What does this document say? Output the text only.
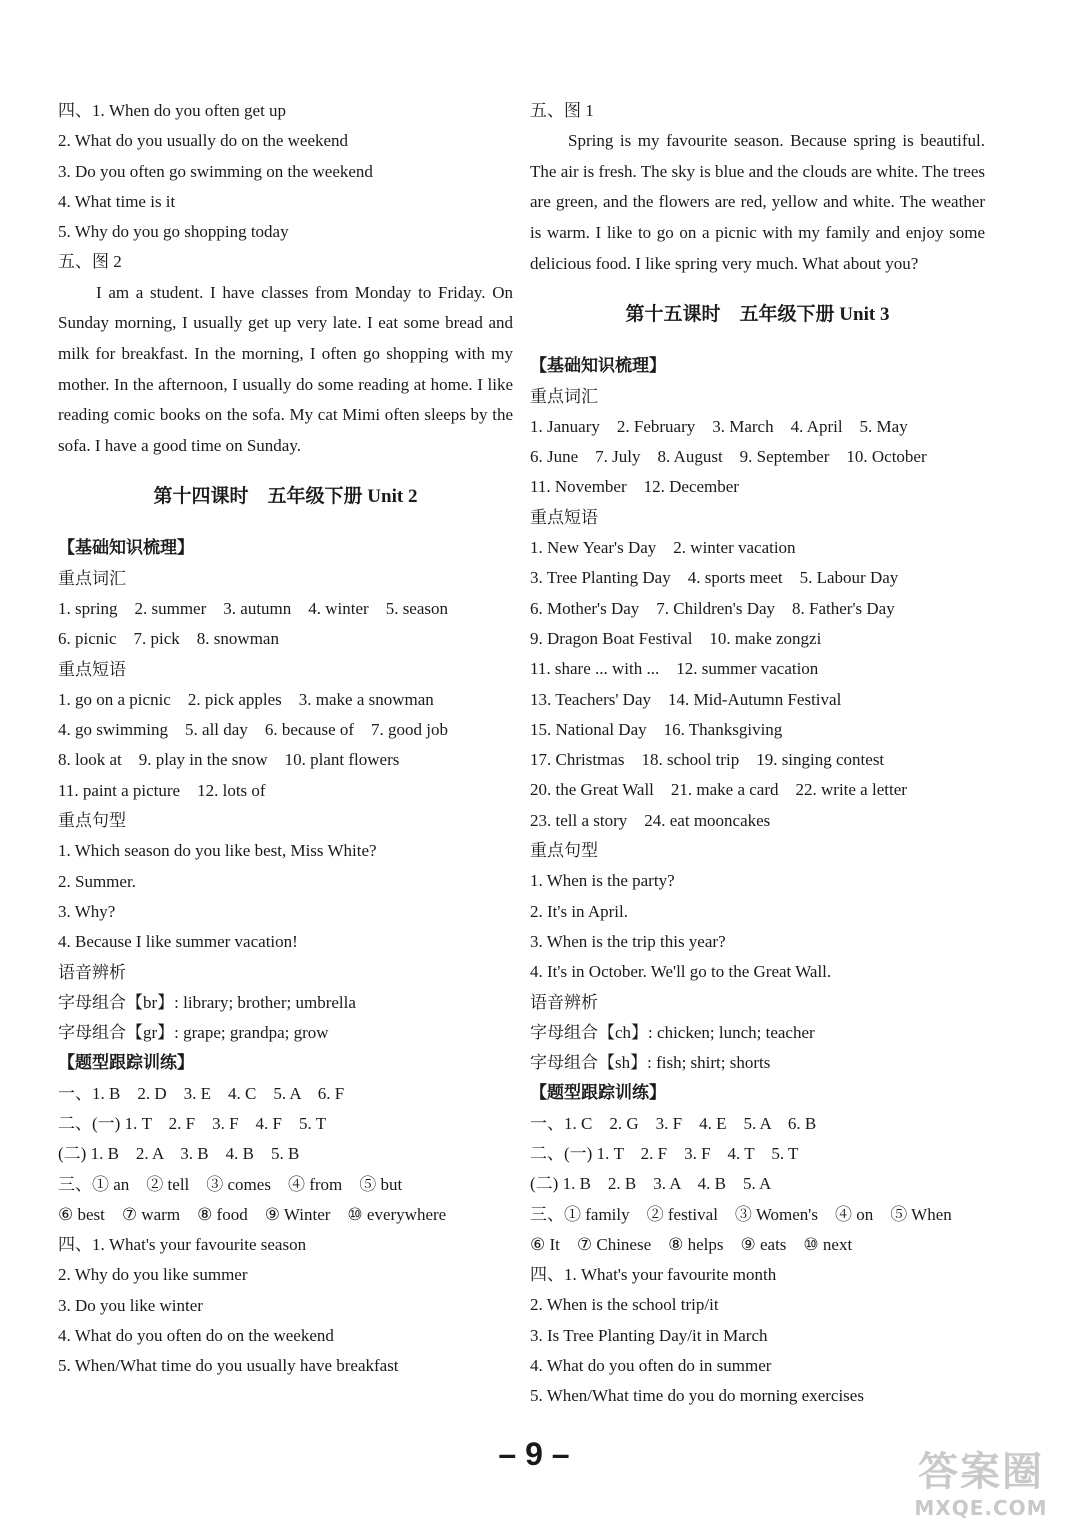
四、1. When do you often get up
2. What do you usually do on the weekend
3. Do you often go swimming on the weekend
4. What time is it
5. Why do you go shopping today
五、图 2
I am a student. I have classes from Monday to Friday. On Sunday morning, I usually get up very late. I eat some bread and milk for breakfast. In the morning, I often go shopping with my mother. In the afternoon, I usually do some reading at home. I like reading comic books on the sofa. My cat Mimi often sleeps by the sofa. I have a good time on Sunday.
第十四课时　五年级下册 Unit 2
【基础知识梳理】
重点词汇
1. spring　2. summer　3. autumn　4. winter　5. season
6. picnic　7. pick　8. snowman
重点短语
1. go on a picnic　2. pick apples　3. make a snowman
4. go swimming　5. all day　6. because of　7. good job
8. look at　9. play in the snow　10. plant flowers
11. paint a picture　12. lots of
重点句型
1. Which season do you like best, Miss White?
2. Summer.
3. Why?
4. Because I like summer vacation!
语音辨析
字母组合【br】: library; brother; umbrella
字母组合【gr】: grape; grandpa; grow
【题型跟踪训练】
一、1. B　2. D　3. E　4. C　5. A　6. F
二、(一) 1. T　2. F　3. F　4. F　5. T
(二) 1. B　2. A　3. B　4. B　5. B
三、① an　② tell　③ comes　④ from　⑤ but
⑥ best　⑦ warm　⑧ food　⑨ Winter　⑩ everywhere
四、1. What's your favourite season
2. Why do you like summer
3. Do you like winter
4. What do you often do on the weekend
5. When/What time do you usually have breakfast
五、图 1
Spring is my favourite season. Because spring is beautiful. The air is fresh. The sky is blue and the clouds are white. The trees are green, and the flowers are red, yellow and white. The weather is warm. I like to go on a picnic with my family and enjoy some delicious food. I like spring very much. What about you?
第十五课时　五年级下册 Unit 3
【基础知识梳理】
重点词汇
1. January　2. February　3. March　4. April　5. May
6. June　7. July　8. August　9. September　10. October
11. November　12. December
重点短语
1. New Year's Day　2. winter vacation
3. Tree Planting Day　4. sports meet　5. Labour Day
6. Mother's Day　7. Children's Day　8. Father's Day
9. Dragon Boat Festival　10. make zongzi
11. share ... with ...　12. summer vacation
13. Teachers' Day　14. Mid-Autumn Festival
15. National Day　16. Thanksgiving
17. Christmas　18. school trip　19. singing contest
20. the Great Wall　21. make a card　22. write a letter
23. tell a story　24. eat mooncakes
重点句型
1. When is the party?
2. It's in April.
3. When is the trip this year?
4. It's in October. We'll go to the Great Wall.
语音辨析
字母组合【ch】: chicken; lunch; teacher
字母组合【sh】: fish; shirt; shorts
【题型跟踪训练】
一、1. C　2. G　3. F　4. E　5. A　6. B
二、(一) 1. T　2. F　3. F　4. T　5. T
(二) 1. B　2. B　3. A　4. B　5. A
三、① family　② festival　③ Women's　④ on　⑤ When
⑥ It　⑦ Chinese　⑧ helps　⑨ eats　⑩ next
四、1. What's your favourite month
2. When is the school trip/it
3. Is Tree Planting Day/it in March
4. What do you often do in summer
5. When/What time do you do morning exercises
– 9 –	答案圈
MXQE.COM
